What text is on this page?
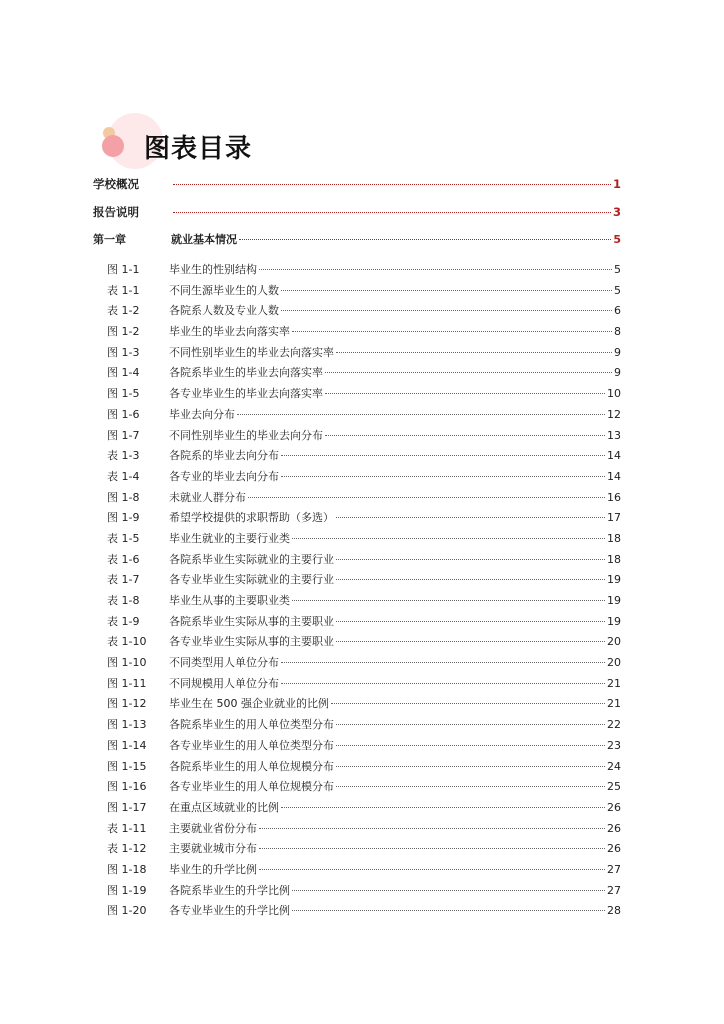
图表目录
学校概况	1
报告说明	3
第一章	就业基本情况	5
图 1-1	毕业生的性别结构	5
表 1-1	不同生源毕业生的人数	5
表 1-2	各院系人数及专业人数	6
图 1-2	毕业生的毕业去向落实率	8
图 1-3	不同性别毕业生的毕业去向落实率	9
图 1-4	各院系毕业生的毕业去向落实率	9
图 1-5	各专业毕业生的毕业去向落实率	10
图 1-6	毕业去向分布	12
图 1-7	不同性别毕业生的毕业去向分布	13
表 1-3	各院系的毕业去向分布	14
表 1-4	各专业的毕业去向分布	14
图 1-8	未就业人群分布	16
图 1-9	希望学校提供的求职帮助（多选）	17
表 1-5	毕业生就业的主要行业类	18
表 1-6	各院系毕业生实际就业的主要行业	18
表 1-7	各专业毕业生实际就业的主要行业	19
表 1-8	毕业生从事的主要职业类	19
表 1-9	各院系毕业生实际从事的主要职业	19
表 1-10	各专业毕业生实际从事的主要职业	20
图 1-10	不同类型用人单位分布	20
图 1-11	不同规模用人单位分布	21
图 1-12	毕业生在 500 强企业就业的比例	21
图 1-13	各院系毕业生的用人单位类型分布	22
图 1-14	各专业毕业生的用人单位类型分布	23
图 1-15	各院系毕业生的用人单位规模分布	24
图 1-16	各专业毕业生的用人单位规模分布	25
图 1-17	在重点区域就业的比例	26
表 1-11	主要就业省份分布	26
表 1-12	主要就业城市分布	26
图 1-18	毕业生的升学比例	27
图 1-19	各院系毕业生的升学比例	27
图 1-20	各专业毕业生的升学比例	28
